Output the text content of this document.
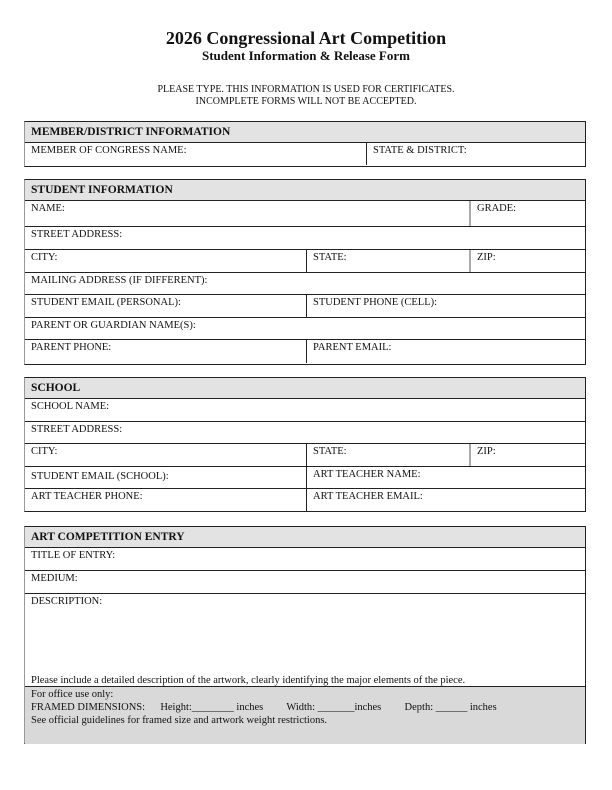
2026 Congressional Art Competition
Student Information & Release Form
PLEASE TYPE. THIS INFORMATION IS USED FOR CERTIFICATES.
INCOMPLETE FORMS WILL NOT BE ACCEPTED.
MEMBER/DISTRICT INFORMATION
MEMBER OF CONGRESS NAME:	STATE & DISTRICT:
STUDENT INFORMATION
NAME:	GRADE:
STREET ADDRESS:
CITY:	STATE:	ZIP:
MAILING ADDRESS (IF DIFFERENT):
STUDENT EMAIL (PERSONAL):	STUDENT PHONE (CELL):
PARENT OR GUARDIAN NAME(S):
PARENT PHONE:	PARENT EMAIL:
SCHOOL
SCHOOL NAME:
STREET ADDRESS:
CITY:	STATE:	ZIP:
STUDENT EMAIL (SCHOOL):	ART TEACHER NAME:
ART TEACHER PHONE:	ART TEACHER EMAIL:
ART COMPETITION ENTRY
TITLE OF ENTRY:
MEDIUM:
DESCRIPTION:
Please include a detailed description of the artwork, clearly identifying the major elements of the piece.
For office use only:
FRAMED DIMENSIONS: Height:________ inches Width: _______inches Depth: ______ inches
See official guidelines for framed size and artwork weight restrictions.
